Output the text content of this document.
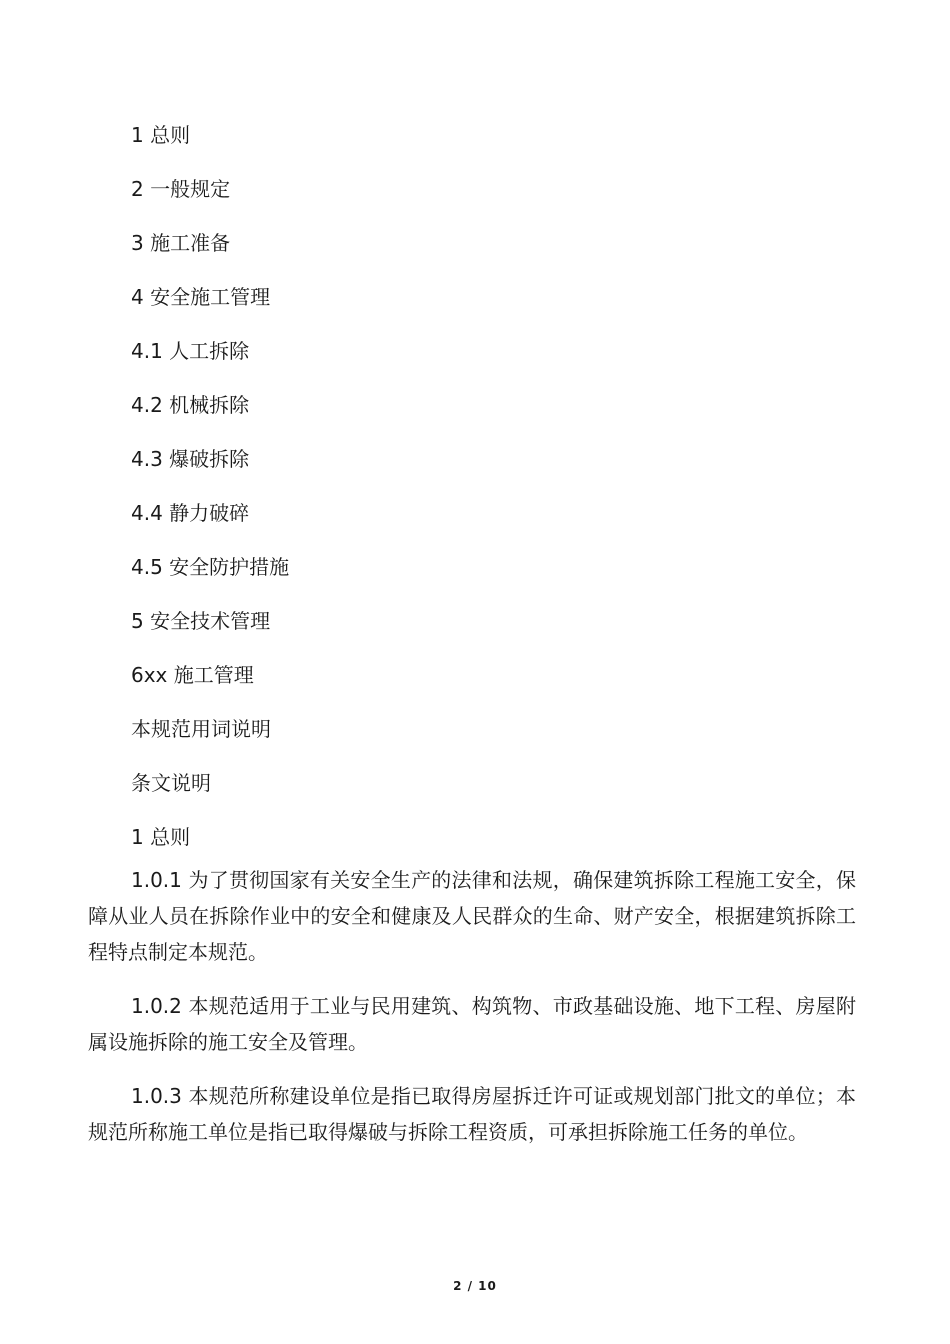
1 总则
2 一般规定
3 施工准备
4 安全施工管理
4.1 人工拆除
4.2 机械拆除
4.3 爆破拆除
4.4 静力破碎
4.5 安全防护措施
5 安全技术管理
6xx 施工管理
本规范用词说明
条文说明
1 总则

1.0.1 为了贯彻国家有关安全生产的法律和法规，确保建筑拆除工程施工安全，保障从业人员在拆除作业中的安全和健康及人民群众的生命、财产安全，根据建筑拆除工程特点制定本规范。

1.0.2 本规范适用于工业与民用建筑、构筑物、市政基础设施、地下工程、房屋附属设施拆除的施工安全及管理。

1.0.3 本规范所称建设单位是指已取得房屋拆迁许可证或规划部门批文的单位；本规范所称施工单位是指已取得爆破与拆除工程资质，可承担拆除施工任务的单位。

2 / 10
